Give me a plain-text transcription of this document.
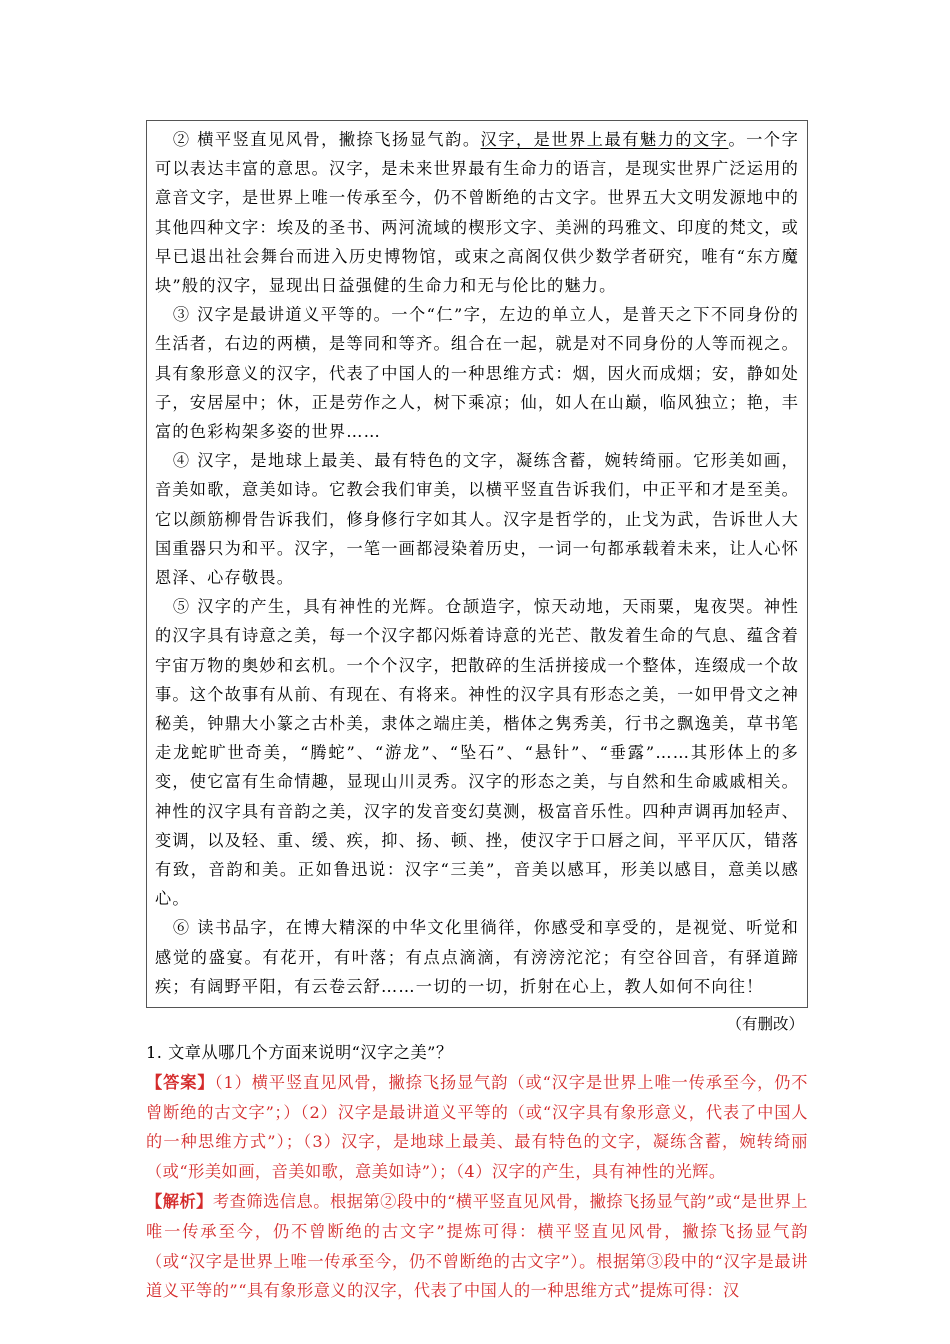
② 横平竖直见风骨，撇捺飞扬显气韵。汉字，是世界上最有魅力的文字。一个字可以表达丰富的意思。汉字，是未来世界最有生命力的语言，是现实世界广泛运用的意音文字，是世界上唯一传承至今，仍不曾断绝的古文字。世界五大文明发源地中的其他四种文字：埃及的圣书、两河流域的楔形文字、美洲的玛雅文、印度的梵文，或早已退出社会舞台而进入历史博物馆，或束之高阁仅供少数学者研究，唯有“东方魔块”般的汉字，显现出日益强健的生命力和无与伦比的魅力。

③ 汉字是最讲道义平等的。一个“仁”字，左边的单立人，是普天之下不同身份的生活者，右边的两横，是等同和等齐。组合在一起，就是对不同身份的人等而视之。具有象形意义的汉字，代表了中国人的一种思维方式：烟，因火而成烟；安，静如处子，安居屋中；休，正是劳作之人，树下乘凉；仙，如人在山巅，临风独立；艳，丰富的色彩构架多姿的世界……

④ 汉字，是地球上最美、最有特色的文字，凝练含蓄，婉转绮丽。它形美如画，音美如歌，意美如诗。它教会我们审美，以横平竖直告诉我们，中正平和才是至美。它以颜筋柳骨告诉我们，修身修行字如其人。汉字是哲学的，止戈为武，告诉世人大国重器只为和平。汉字，一笔一画都浸染着历史，一词一句都承载着未来，让人心怀恩泽、心存敬畏。

⑤ 汉字的产生，具有神性的光辉。仓颉造字，惊天动地，天雨粟，鬼夜哭。神性的汉字具有诗意之美，每一个汉字都闪烁着诗意的光芒、散发着生命的气息、蕴含着宇宙万物的奥妙和玄机。一个个汉字，把散碎的生活拼接成一个整体，连缀成一个故事。这个故事有从前、有现在、有将来。神性的汉字具有形态之美，一如甲骨文之神秘美，钟鼎大小篆之古朴美，隶体之端庄美，楷体之隽秀美，行书之飘逸美，草书笔走龙蛇旷世奇美，“腾蛇”、“游龙”、“坠石”、“悬针”、“垂露”……其形体上的多变，使它富有生命情趣，显现山川灵秀。汉字的形态之美，与自然和生命戚戚相关。神性的汉字具有音韵之美，汉字的发音变幻莫测，极富音乐性。四种声调再加轻声、变调，以及轻、重、缓、疾，抑、扬、顿、挫，使汉字于口唇之间，平平仄仄，错落有致，音韵和美。正如鲁迅说：汉字“三美”，音美以感耳，形美以感目，意美以感心。

⑥ 读书品字，在博大精深的中华文化里徜徉，你感受和享受的，是视觉、听觉和感觉的盛宴。有花开，有叶落；有点点滴滴，有滂滂沱沱；有空谷回音，有驿道蹄疾；有阔野平阳，有云卷云舒……一切的一切，折射在心上，教人如何不向往！

（有删改）

1. 文章从哪几个方面来说明“汉字之美”？

【答案】（1）横平竖直见风骨，撇捺飞扬显气韵（或“汉字是世界上唯一传承至今，仍不曾断绝的古文字”；）（2）汉字是最讲道义平等的（或“汉字具有象形意义，代表了中国人的一种思维方式”）；（3）汉字，是地球上最美、最有特色的文字，凝练含蓄，婉转绮丽（或“形美如画，音美如歌，意美如诗”）；（4）汉字的产生，具有神性的光辉。

【解析】考查筛选信息。根据第②段中的“横平竖直见风骨，撇捺飞扬显气韵”或“是世界上唯一传承至今，仍不曾断绝的古文字”提炼可得：横平竖直见风骨，撇捺飞扬显气韵（或“汉字是世界上唯一传承至今，仍不曾断绝的古文字”）。根据第③段中的“汉字是最讲道义平等的”“具有象形意义的汉字，代表了中国人的一种思维方式”提炼可得：汉
